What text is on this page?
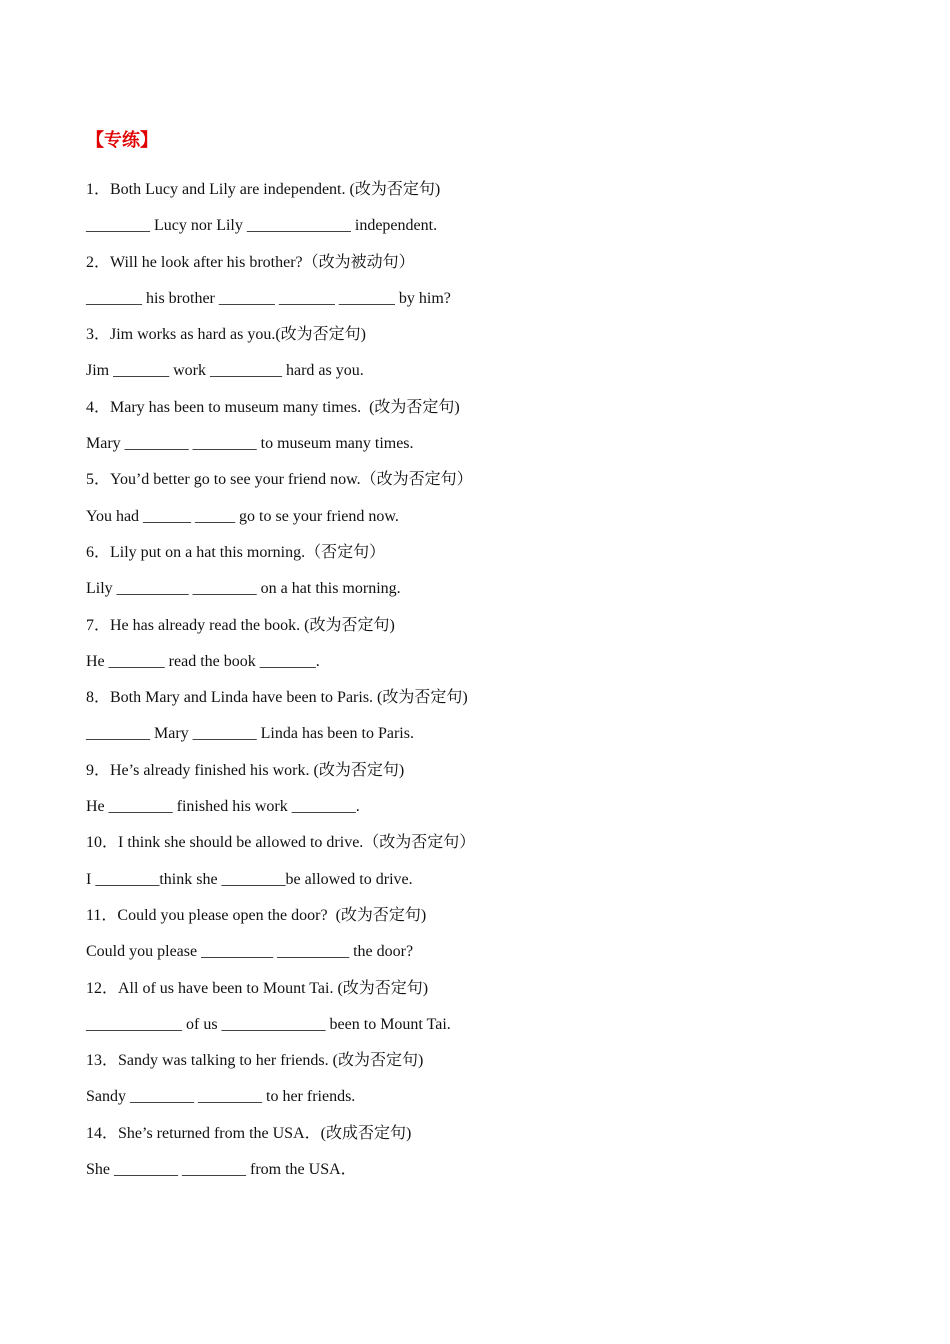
【专练】
1．Both Lucy and Lily are independent. (改为否定句)
________ Lucy nor Lily _____________ independent.
2．Will he look after his brother?（改为被动句）
_______ his brother _______ _______ _______ by him?
3．Jim works as hard as you.(改为否定句)
Jim _______ work _________ hard as you.
4．Mary has been to museum many times.  (改为否定句)
Mary ________ ________ to museum many times.
5．You’d better go to see your friend now.（改为否定句）
You had ______ _____ go to se your friend now.
6．Lily put on a hat this morning.（否定句）
Lily _________ ________ on a hat this morning.
7．He has already read the book. (改为否定句)
He _______ read the book _______.
8．Both Mary and Linda have been to Paris. (改为否定句)
________ Mary ________ Linda has been to Paris.
9．He’s already finished his work. (改为否定句)
He ________ finished his work ________.
10．I think she should be allowed to drive.（改为否定句）
I ________think she ________be allowed to drive.
11．Could you please open the door?  (改为否定句)
Could you please _________ _________ the door?
12．All of us have been to Mount Tai. (改为否定句)
____________ of us _____________ been to Mount Tai.
13．Sandy was talking to her friends. (改为否定句)
Sandy ________ ________ to her friends.
14．She’s returned from the USA．(改成否定句)
She ________ ________ from the USA．
